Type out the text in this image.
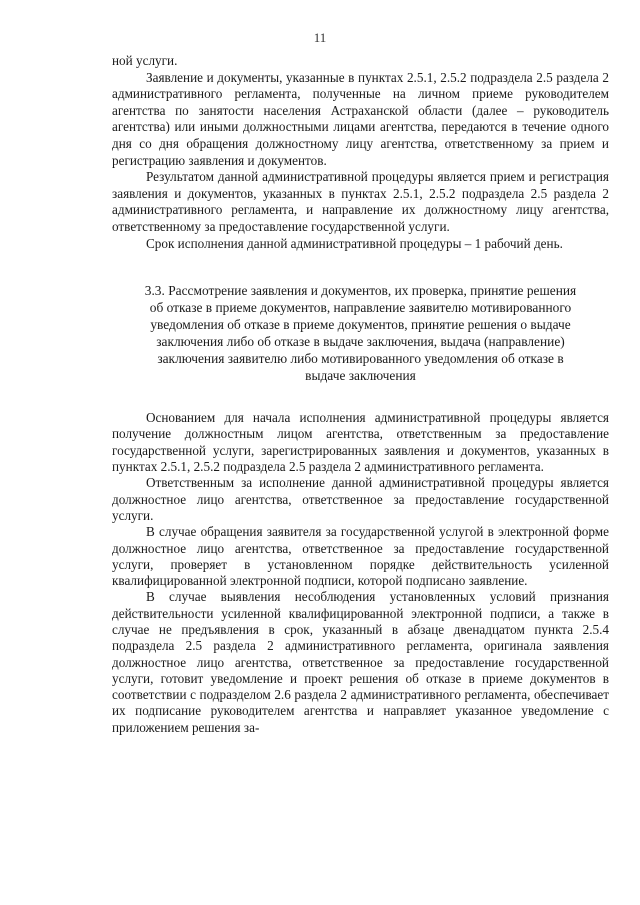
11

ной услуги.

Заявление и документы, указанные в пунктах 2.5.1, 2.5.2 подраздела 2.5 раздела 2 административного регламента, полученные на личном приеме руководителем агентства по занятости населения Астраханской области (далее – руководитель агентства) или иными должностными лицами агентства, передаются в течение одного дня со дня обращения должностному лицу агентства, ответственному за прием и регистрацию заявления и документов.

Результатом данной административной процедуры является прием и регистрация заявления и документов, указанных в пунктах 2.5.1, 2.5.2 подраздела 2.5 раздела 2 административного регламента, и направление их должностному лицу агентства, ответственному за предоставление государственной услуги.

Срок исполнения данной административной процедуры – 1 рабочий день.

3.3. Рассмотрение заявления и документов, их проверка, принятие решения
об отказе в приеме документов, направление заявителю мотивированного
уведомления об отказе в приеме документов, принятие решения о выдаче
заключения либо об отказе в выдаче заключения, выдача (направление)
заключения заявителю либо мотивированного уведомления об отказе в
выдаче заключения

Основанием для начала исполнения административной процедуры является получение должностным лицом агентства, ответственным за предоставление государственной услуги, зарегистрированных заявления и документов, указанных в пунктах 2.5.1, 2.5.2 подраздела 2.5 раздела 2 административного регламента.

Ответственным за исполнение данной административной процедуры является должностное лицо агентства, ответственное за предоставление государственной услуги.

В случае обращения заявителя за государственной услугой в электронной форме должностное лицо агентства, ответственное за предоставление государственной услуги, проверяет в установленном порядке действительность усиленной квалифицированной электронной подписи, которой подписано заявление.

В случае выявления несоблюдения установленных условий признания действительности усиленной квалифицированной электронной подписи, а также в случае не предъявления в срок, указанный в абзаце двенадцатом пункта 2.5.4 подраздела 2.5 раздела 2 административного регламента, оригинала заявления должностное лицо агентства, ответственное за предоставление государственной услуги, готовит уведомление и проект решения об отказе в приеме документов в соответствии с подразделом 2.6 раздела 2 административного регламента, обеспечивает их подписание руководителем агентства и направляет указанное уведомление с приложением решения за-
